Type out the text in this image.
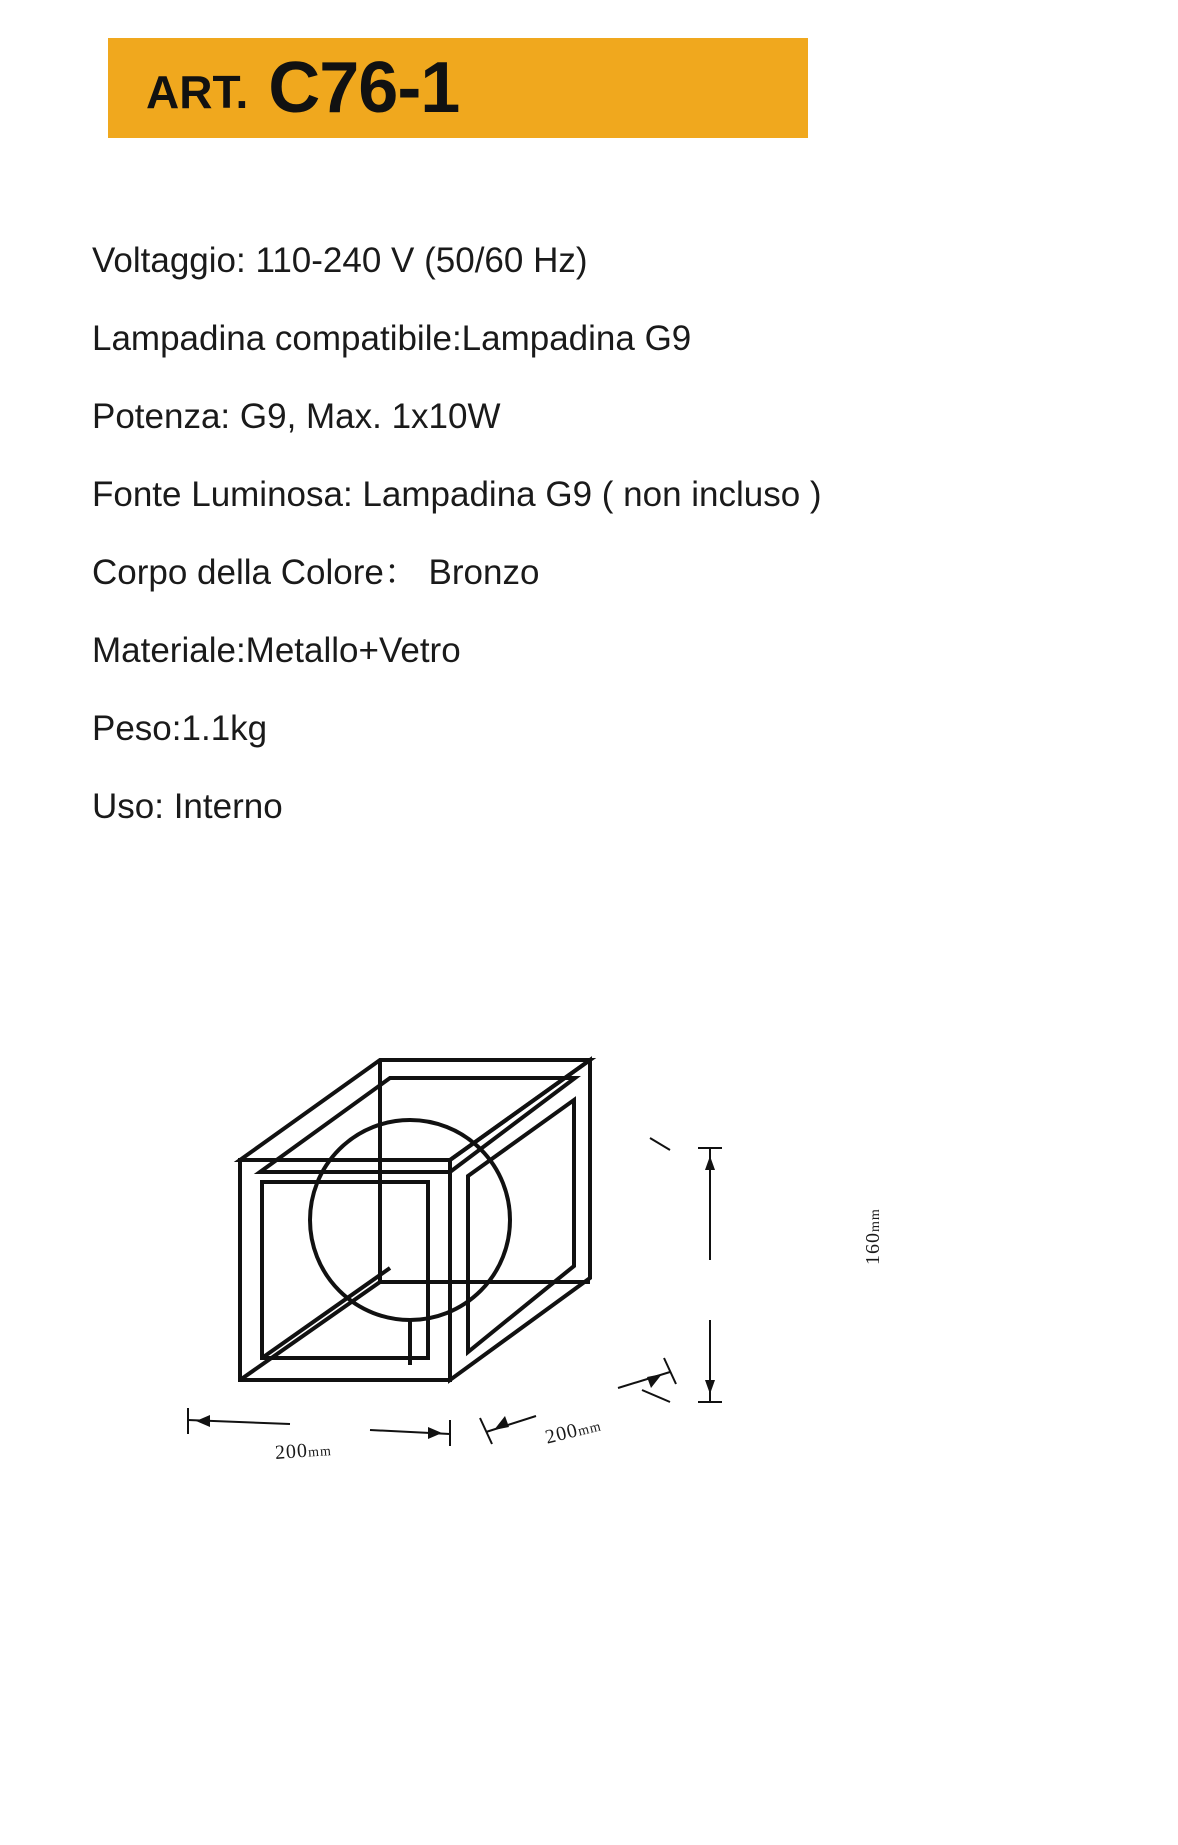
ART. C76-1
Voltaggio: 110-240 V (50/60 Hz)
Lampadina compatibile:Lampadina G9
Potenza: G9, Max. 1x10W
Fonte Luminosa: Lampadina G9 ( non incluso )
Corpo della Colore： Bronzo
Materiale:Metallo+Vetro
Peso:1.1kg
Uso: Interno
160mm
200mm
200mm
